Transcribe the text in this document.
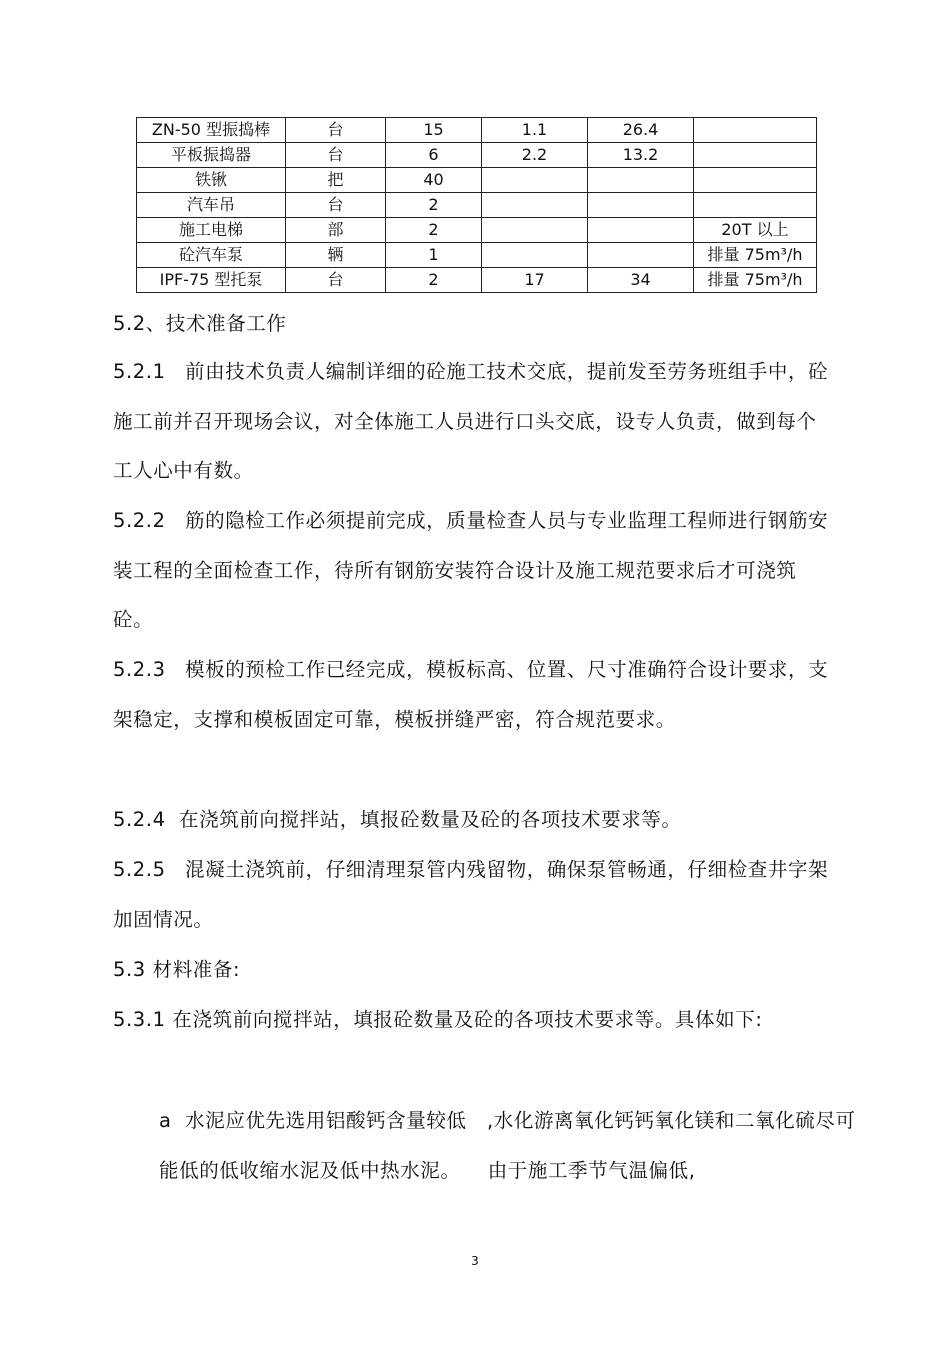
ZN-50 型振捣棒	台	15	1.1	26.4	
平板振捣器	台	6	2.2	13.2	
铁锹	把	40			
汽车吊	台	2			
施工电梯	部	2			20T 以上
砼汽车泵	辆	1			排量 75m³/h
IPF-75 型托泵	台	2	17	34	排量 75m³/h

5.2、技术准备工作

5.2.1 前由技术负责人编制详细的砼施工技术交底，提前发至劳务班组手中，砼施工前并召开现场会议，对全体施工人员进行口头交底，设专人负责，做到每个工人心中有数。

5.2.2 筋的隐检工作必须提前完成，质量检查人员与专业监理工程师进行钢筋安装工程的全面检查工作，待所有钢筋安装符合设计及施工规范要求后才可浇筑砼。

5.2.3 模板的预检工作已经完成，模板标高、位置、尺寸准确符合设计要求，支架稳定，支撑和模板固定可靠，模板拼缝严密，符合规范要求。

5.2.4 在浇筑前向搅拌站，填报砼数量及砼的各项技术要求等。

5.2.5 混凝土浇筑前，仔细清理泵管内残留物，确保泵管畅通，仔细检查井字架加固情况。

5.3 材料准备:

5.3.1 在浇筑前向搅拌站，填报砼数量及砼的各项技术要求等。具体如下:

a  水泥应优先选用铝酸钙含量较低   ,水化游离氧化钙钙氧化镁和二氧化硫尽可能低的低收缩水泥及低中热水泥。    由于施工季节气温偏低,

3
